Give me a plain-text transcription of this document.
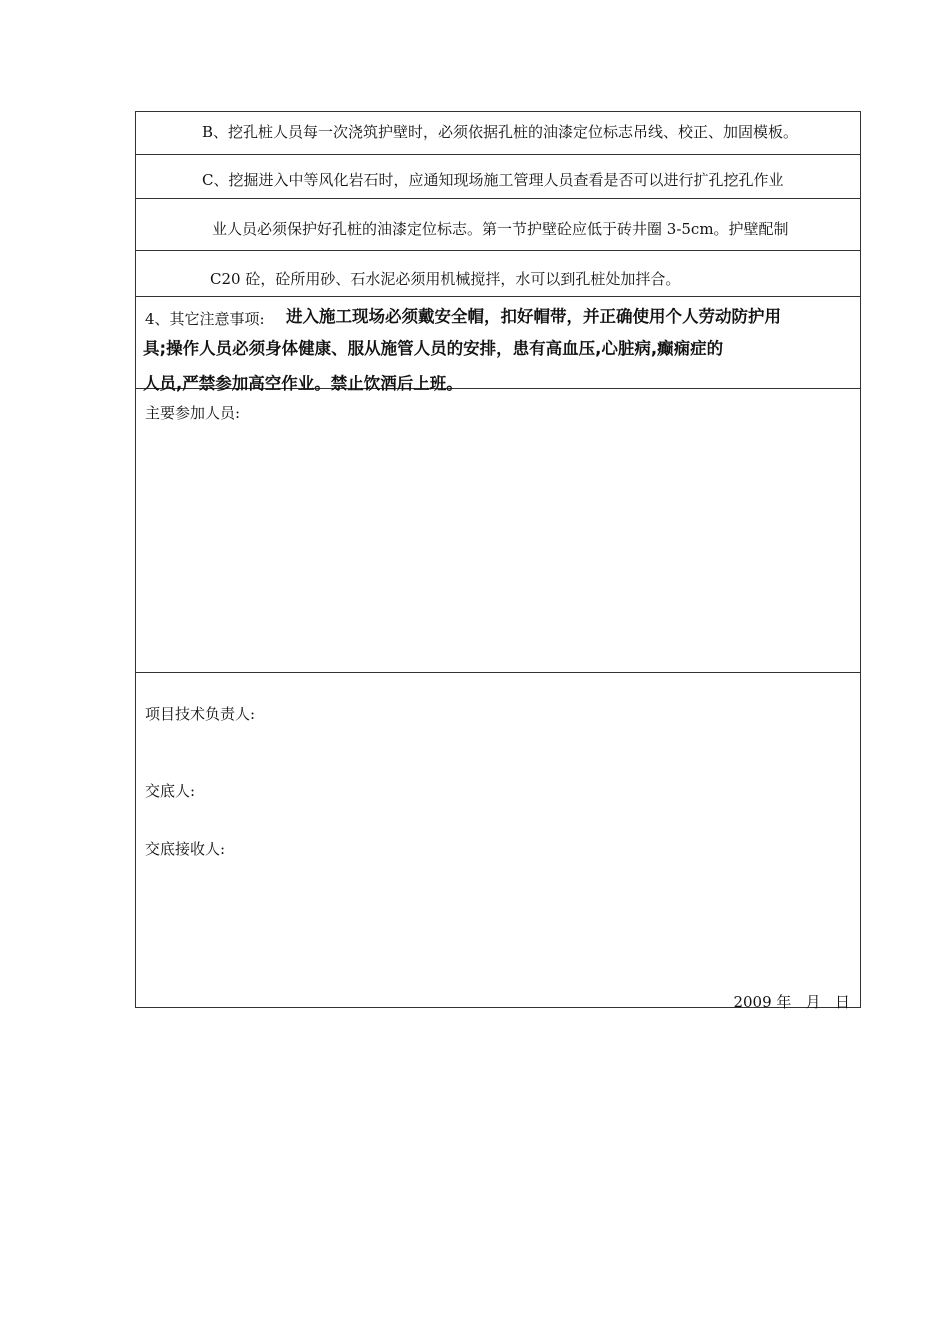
B、挖孔桩人员每一次浇筑护壁时，必须依据孔桩的油漆定位标志吊线、校正、加固模板。
C、挖掘进入中等风化岩石时，应通知现场施工管理人员查看是否可以进行扩孔挖孔作业
业人员必须保护好孔桩的油漆定位标志。第一节护壁砼应低于砖井圈 3-5cm。护壁配制
C20 砼，砼所用砂、石水泥必须用机械搅拌，水可以到孔桩处加拌合。
4、其它注意事项: 进入施工现场必须戴安全帽，扣好帽带，并正确使用个人劳动防护用
具;操作人员必须身体健康、服从施管人员的安排，患有高血压,心脏病,癫痫症的
人员,严禁参加高空作业。禁止饮酒后上班。
主要参加人员:
项目技术负责人:
交底人:
交底接收人:
2009 年   月   日
